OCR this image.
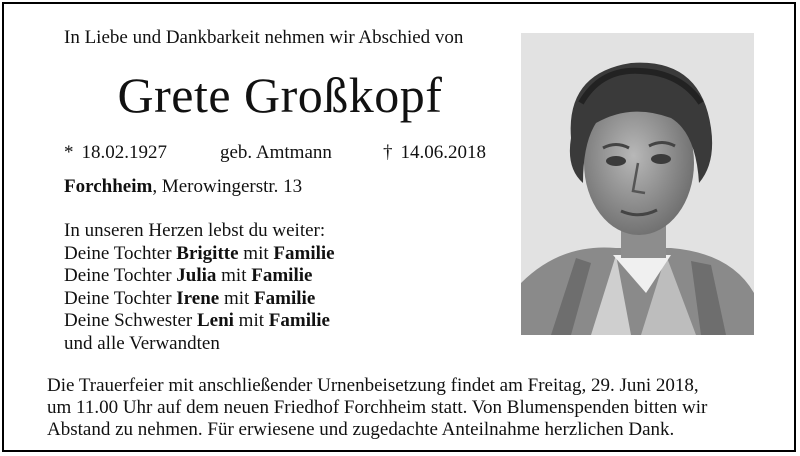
In Liebe und Dankbarkeit nehmen wir Abschied von
Grete Großkopf
* 18.02.1927	geb. Amtmann	† 14.06.2018
Forchheim, Merowingerstr. 13
In unseren Herzen lebst du weiter:
Deine Tochter Brigitte mit Familie
Deine Tochter Julia mit Familie
Deine Tochter Irene mit Familie
Deine Schwester Leni mit Familie
und alle Verwandten
Die Trauerfeier mit anschließender Urnenbeisetzung findet am Freitag, 29. Juni 2018,
um 11.00 Uhr auf dem neuen Friedhof Forchheim statt. Von Blumenspenden bitten wir
Abstand zu nehmen. Für erwiesene und zugedachte Anteilnahme herzlichen Dank.
